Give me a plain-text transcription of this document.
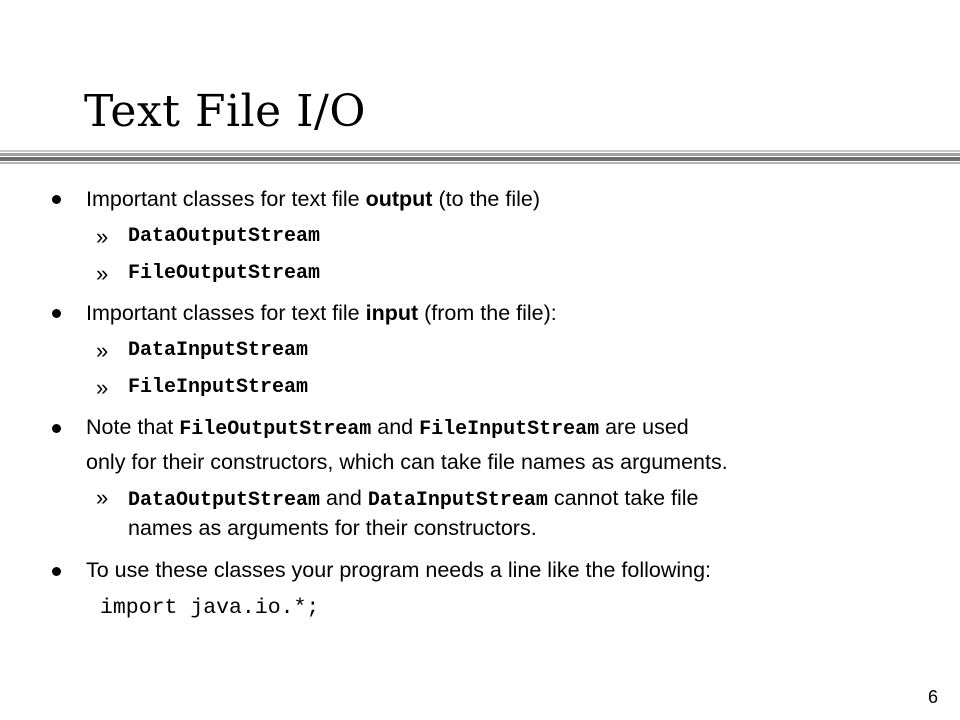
Text File I/O
Important classes for text file output (to the file)
» DataOutputStream
» FileOutputStream
Important classes for text file input (from the file):
» DataInputStream
» FileInputStream
Note that FileOutputStream and FileInputStream are used
only for their constructors, which can take file names as arguments.
» DataOutputStream and DataInputStream cannot take file
names as arguments for their constructors.
To use these classes your program needs a line like the following:
import java.io.*;
6
